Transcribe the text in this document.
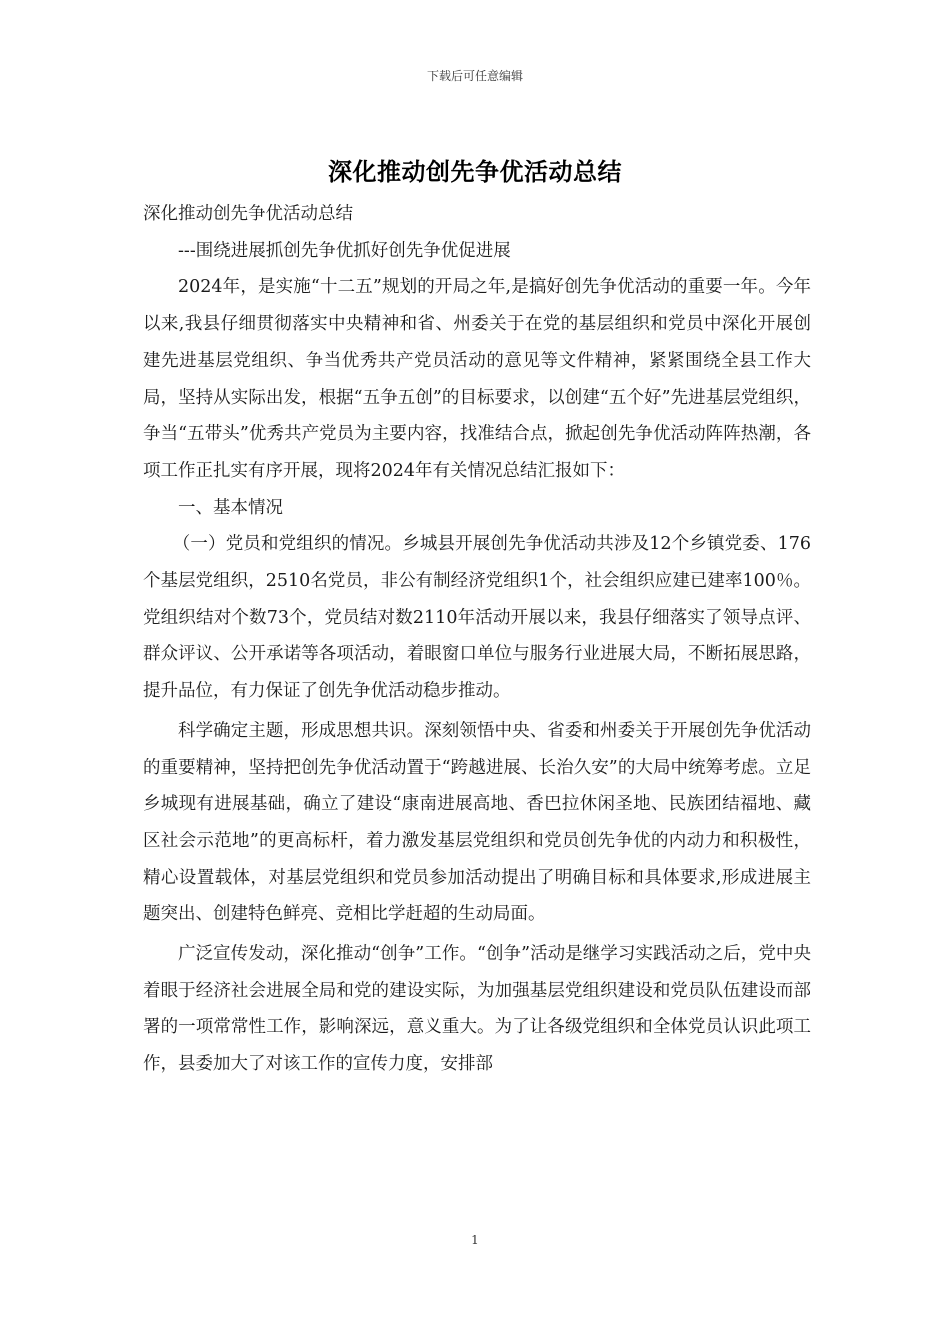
下载后可任意编辑
深化推动创先争优活动总结

深化推动创先争优活动总结

---围绕进展抓创先争优抓好创先争优促进展

2024年，是实施“十二五”规划的开局之年,是搞好创先争优活动的重要一年。今年以来,我县仔细贯彻落实中央精神和省、州委关于在党的基层组织和党员中深化开展创建先进基层党组织、争当优秀共产党员活动的意见等文件精神，紧紧围绕全县工作大局，坚持从实际出发，根据“五争五创”的目标要求，以创建“五个好”先进基层党组织，争当“五带头”优秀共产党员为主要内容，找准结合点，掀起创先争优活动阵阵热潮，各项工作正扎实有序开展，现将2024年有关情况总结汇报如下：

一、基本情况

（一）党员和党组织的情况。乡城县开展创先争优活动共涉及12个乡镇党委、176个基层党组织，2510名党员，非公有制经济党组织1个，社会组织应建已建率100％。党组织结对个数73个，党员结对数2110年活动开展以来，我县仔细落实了领导点评、群众评议、公开承诺等各项活动，着眼窗口单位与服务行业进展大局，不断拓展思路，提升品位，有力保证了创先争优活动稳步推动。

科学确定主题，形成思想共识。深刻领悟中央、省委和州委关于开展创先争优活动的重要精神，坚持把创先争优活动置于“跨越进展、长治久安”的大局中统筹考虑。立足乡城现有进展基础，确立了建设“康南进展高地、香巴拉休闲圣地、民族团结福地、藏区社会示范地”的更高标杆，着力激发基层党组织和党员创先争优的内动力和积极性，精心设置载体，对基层党组织和党员参加活动提出了明确目标和具体要求,形成进展主题突出、创建特色鲜亮、竞相比学赶超的生动局面。

广泛宣传发动，深化推动“创争”工作。“创争”活动是继学习实践活动之后，党中央着眼于经济社会进展全局和党的建设实际，为加强基层党组织建设和党员队伍建设而部署的一项常常性工作，影响深远，意义重大。为了让各级党组织和全体党员认识此项工作，县委加大了对该工作的宣传力度，安排部

1
